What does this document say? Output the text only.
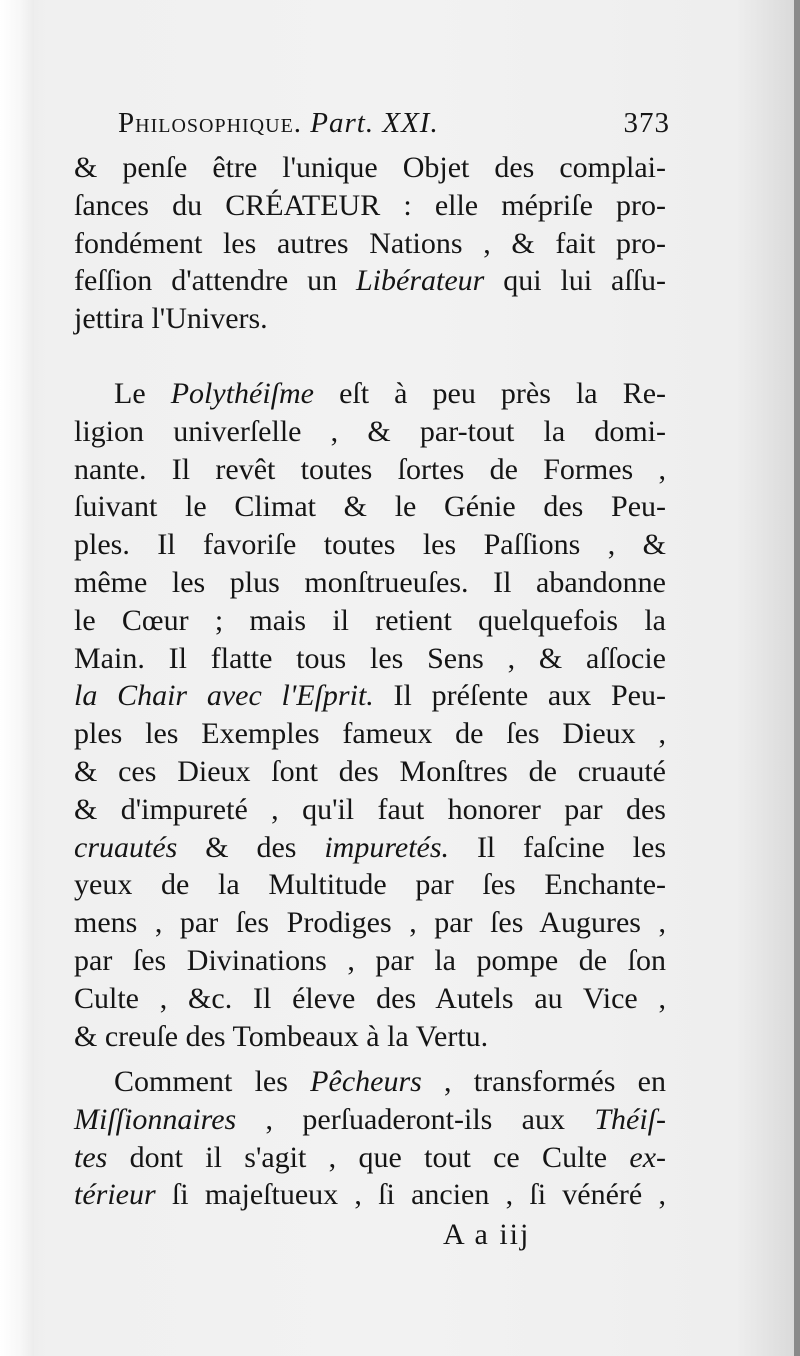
Philosophique. Part. XXI.	373
& penſe être l'unique Objet des complai-
ſances du CRÉATEUR : elle mépriſe pro-
fondément les autres Nations , & fait pro-
feſſion d'attendre un Libérateur qui lui aſſu-
jettira l'Univers.
Le Polythéiſme eſt à peu près la Re-
ligion univerſelle , & par-tout la domi-
nante. Il revêt toutes ſortes de Formes ,
ſuivant le Climat & le Génie des Peu-
ples. Il favoriſe toutes les Paſſions , &
même les plus monſtrueuſes. Il abandonne
le Cœur ; mais il retient quelquefois la
Main. Il flatte tous les Sens , & aſſocie
la Chair avec l'Eſprit. Il préſente aux Peu-
ples les Exemples fameux de ſes Dieux ,
& ces Dieux ſont des Monſtres de cruauté
& d'impureté , qu'il faut honorer par des
cruautés & des impuretés. Il faſcine les
yeux de la Multitude par ſes Enchante-
mens , par ſes Prodiges , par ſes Augures ,
par ſes Divinations , par la pompe de ſon
Culte , &c. Il éleve des Autels au Vice ,
& creuſe des Tombeaux à la Vertu.
Comment les Pêcheurs , transformés en
Miſſionnaires , perſuaderont-ils aux Théiſ-
tes dont il s'agit , que tout ce Culte ex-
térieur ſi majeſtueux , ſi ancien , ſi vénéré ,
A a iij
